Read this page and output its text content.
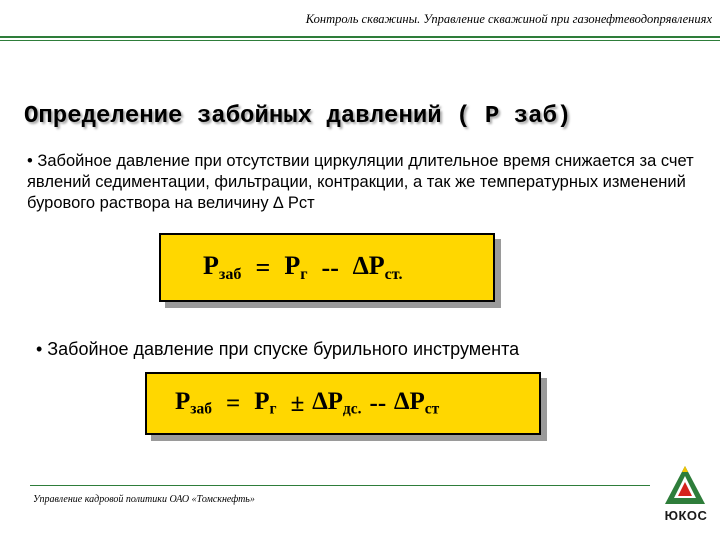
Контроль скважины. Управление скважиной при газонефтеводопрявлениях
Определение забойных давлений ( Р заб)
• Забойное давление при отсутствии циркуляции длительное время снижается за счет явлений седиментации, фильтрации, контракции, а так же температурных изменений бурового раствора на величину ∆ Рст
$Р_{заб} = Р_г -- \Delta Р_{ст.}$
• Забойное давление при спуске бурильного инструмента
$Р_{заб} = Р_г \pm \Delta Р_{дс.} -- \Delta Р_{ст}$
Управление кадровой политики ОАО «Томскнефть»
ЮКОС
